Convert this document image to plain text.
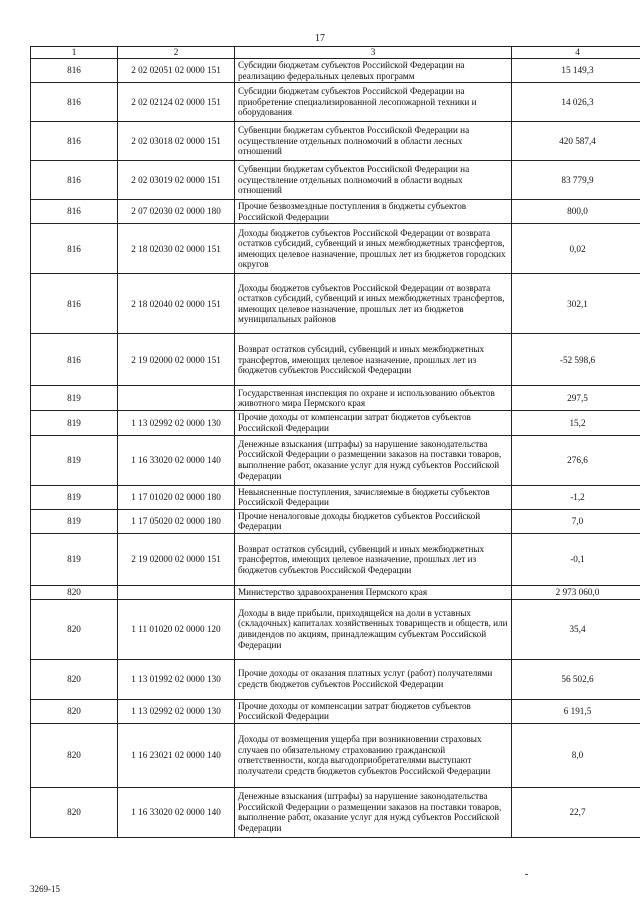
17
1	2	3	4
816	2 02 02051 02 0000 151	Субсидии бюджетам субъектов Российской Федерации на реализацию федеральных целевых программ	15 149,3
816	2 02 02124 02 0000 151	Субсидии бюджетам субъектов Российской Федерации на приобретение специализированной лесопожарной техники и оборудования	14 026,3
816	2 02 03018 02 0000 151	Субвенции бюджетам субъектов Российской Федерации на осуществление отдельных полномочий в области лесных отношений	420 587,4
816	2 02 03019 02 0000 151	Субвенции бюджетам субъектов Российской Федерации на осуществление отдельных полномочий в области водных отношений	83 779,9
816	2 07 02030 02 0000 180	Прочие безвозмездные поступления в бюджеты субъектов Российской Федерации	800,0
816	2 18 02030 02 0000 151	Доходы бюджетов субъектов Российской Федерации от возврата остатков субсидий, субвенций и иных межбюджетных трансфертов, имеющих целевое назначение, прошлых лет из бюджетов городских округов	0,02
816	2 18 02040 02 0000 151	Доходы бюджетов субъектов Российской Федерации от возврата остатков субсидий, субвенций и иных межбюджетных трансфертов, имеющих целевое назначение, прошлых лет из бюджетов муниципальных районов	302,1
816	2 19 02000 02 0000 151	Возврат остатков субсидий, субвенций и иных межбюджетных трансфертов, имеющих целевое назначение, прошлых лет из бюджетов субъектов Российской Федерации	-52 598,6
819		Государственная инспекция по охране и использованию объектов животного мира Пермского края	297,5
819	1 13 02992 02 0000 130	Прочие доходы от компенсации затрат бюджетов субъектов Российской Федерации	15,2
819	1 16 33020 02 0000 140	Денежные взыскания (штрафы) за нарушение законодательства Российской Федерации о размещении заказов на поставки товаров, выполнение работ, оказание услуг для нужд субъектов Российской Федерации	276,6
819	1 17 01020 02 0000 180	Невыясненные поступления, зачисляемые в бюджеты субъектов Российской Федерации	-1,2
819	1 17 05020 02 0000 180	Прочие неналоговые доходы бюджетов субъектов Российской Федерации	7,0
819	2 19 02000 02 0000 151	Возврат остатков субсидий, субвенций и иных межбюджетных трансфертов, имеющих целевое назначение, прошлых лет из бюджетов субъектов Российской Федерации	-0,1
820		Министерство здравоохранения Пермского края	2 973 060,0
820	1 11 01020 02 0000 120	Доходы в виде прибыли, приходящейся на доли в уставных (складочных) капиталах хозяйственных товариществ и обществ, или дивидендов по акциям, принадлежащим субъектам Российской Федерации	35,4
820	1 13 01992 02 0000 130	Прочие доходы от оказания платных услуг (работ) получателями средств бюджетов субъектов Российской Федерации	56 502,6
820	1 13 02992 02 0000 130	Прочие доходы от компенсации затрат бюджетов субъектов Российской Федерации	6 191,5
820	1 16 23021 02 0000 140	Доходы от возмещения ущерба при возникновении страховых случаев по обязательному страхованию гражданской ответственности, когда выгодоприобретателями выступают получатели средств бюджетов субъектов Российской Федерации	8,0
820	1 16 33020 02 0000 140	Денежные взыскания (штрафы) за нарушение законодательства Российской Федерации о размещении заказов на поставки товаров, выполнение работ, оказание услуг для нужд субъектов Российской Федерации	22,7
3269-15
